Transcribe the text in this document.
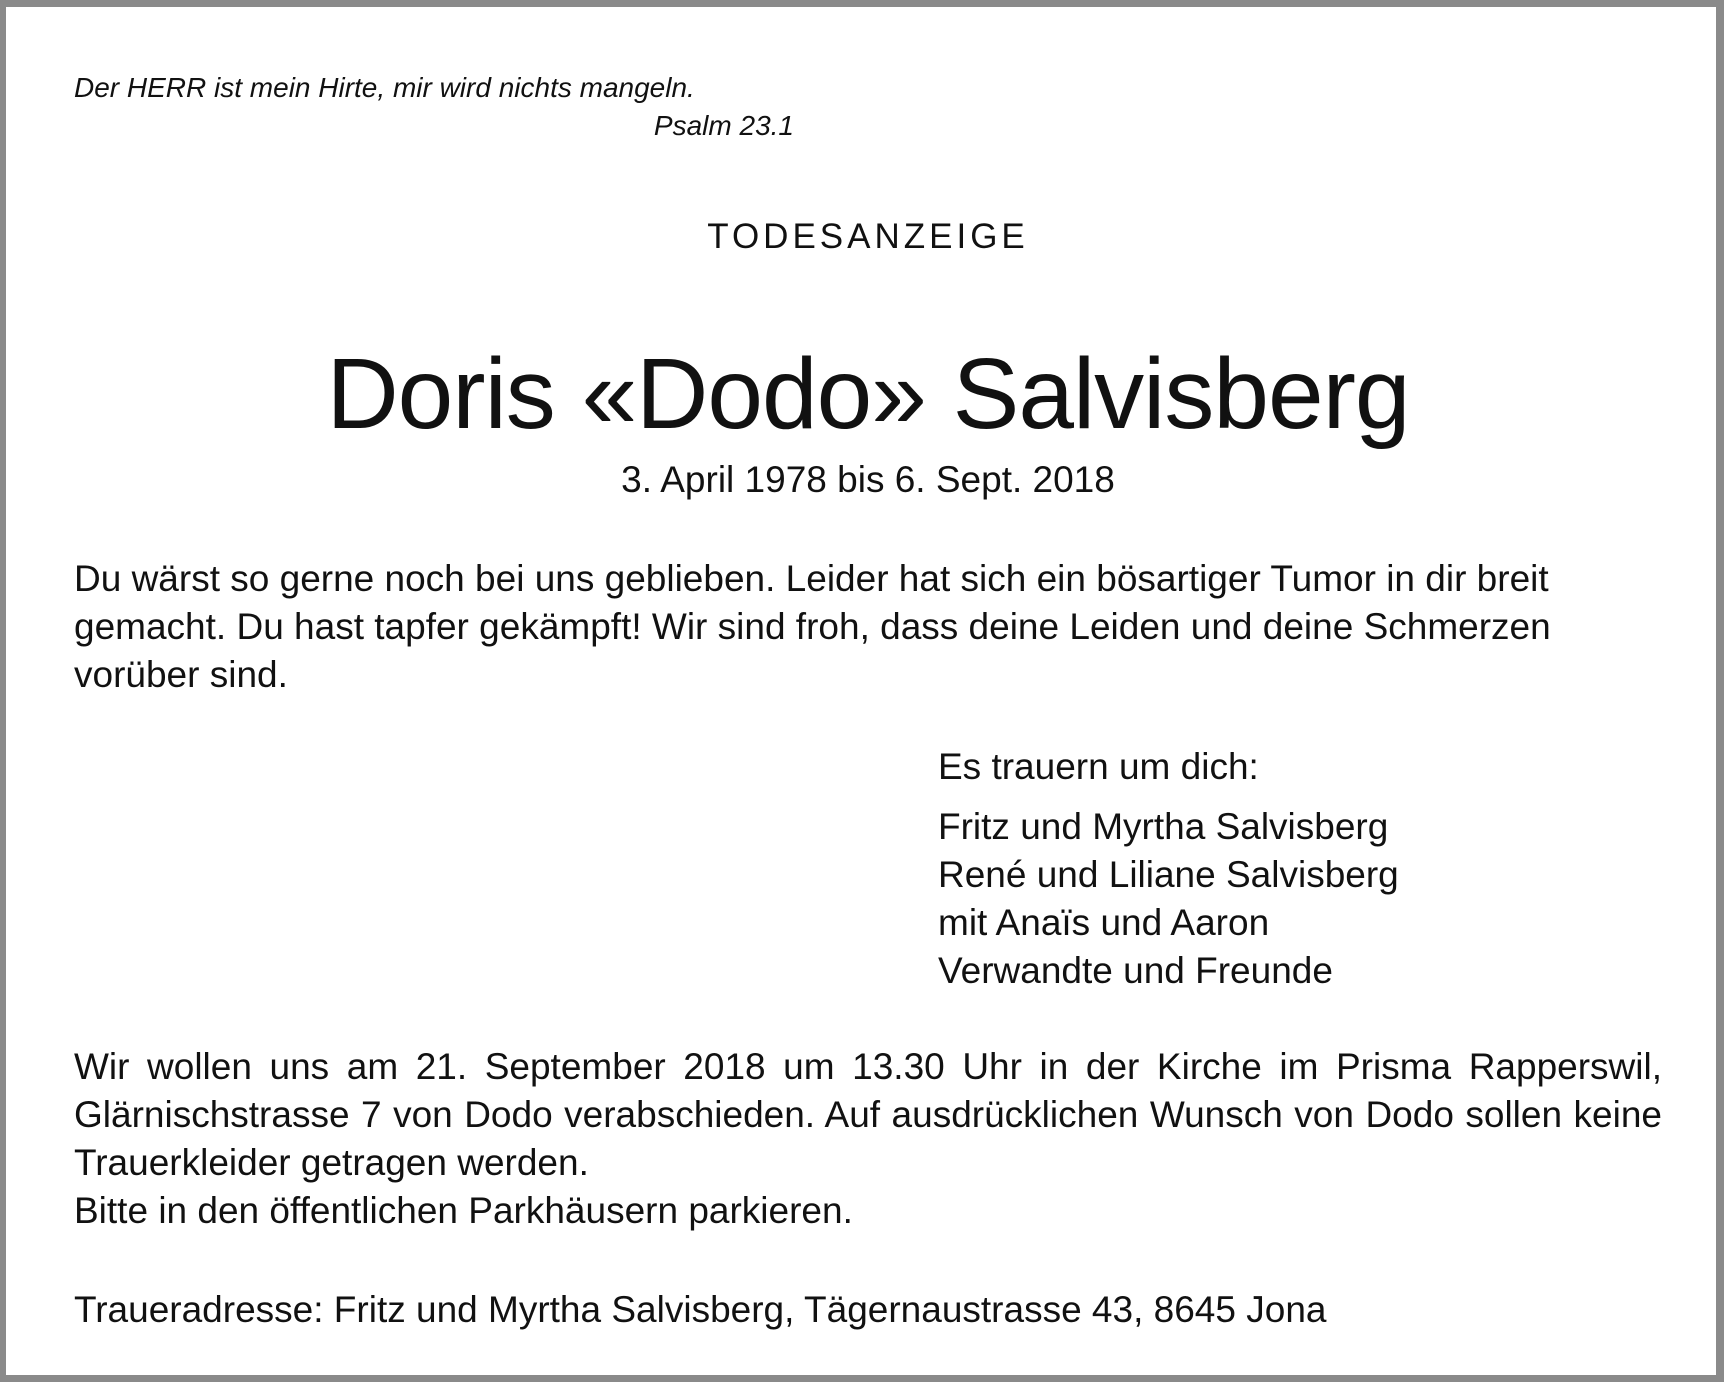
Der HERR ist mein Hirte, mir wird nichts mangeln.
Psalm 23.1
TODESANZEIGE
Doris «Dodo» Salvisberg
3. April 1978 bis 6. Sept. 2018
Du wärst so gerne noch bei uns geblieben. Leider hat sich ein bösartiger Tumor in dir breit gemacht. Du hast tapfer gekämpft! Wir sind froh, dass deine Leiden und deine Schmerzen vorüber sind.
Es trauern um dich:
Fritz und Myrtha Salvisberg
René und Liliane Salvisberg
mit Anaïs und Aaron
Verwandte und Freunde
Wir wollen uns am 21. September 2018 um 13.30 Uhr in der Kirche im Prisma Rapperswil, Glärnischstrasse 7 von Dodo verabschieden. Auf ausdrücklichen Wunsch von Dodo sollen keine Trauerkleider getragen werden.
Bitte in den öffentlichen Parkhäusern parkieren.
Traueradresse: Fritz und Myrtha Salvisberg, Tägernaustrasse 43, 8645 Jona
